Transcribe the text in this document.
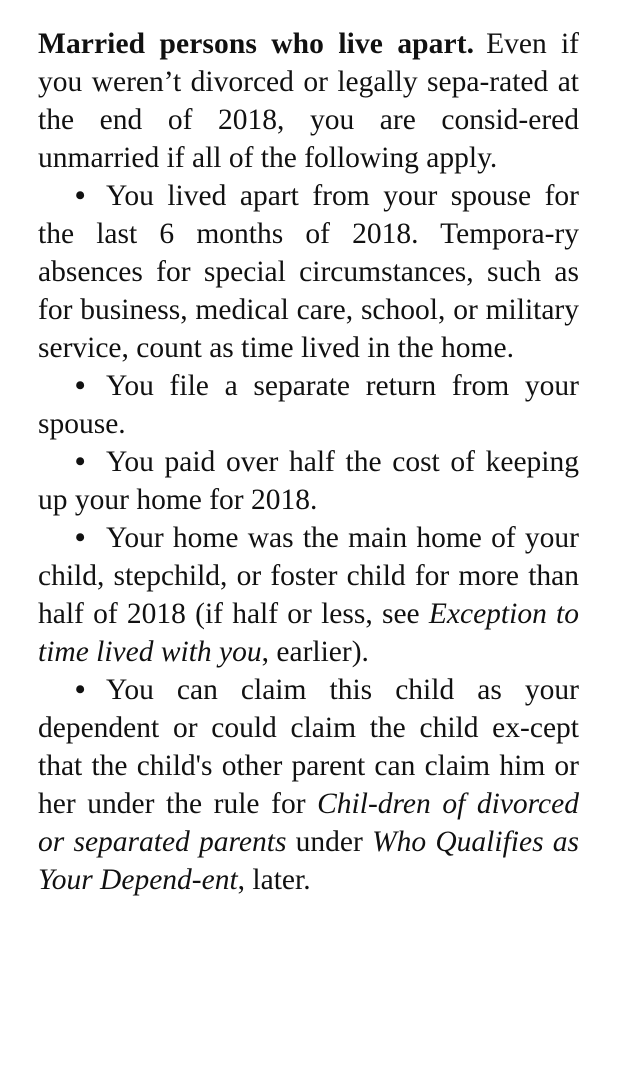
Married persons who live apart. Even if you weren’t divorced or legally sepa-rated at the end of 2018, you are consid-ered unmarried if all of the following apply.

• You lived apart from your spouse for the last 6 months of 2018. Tempora-ry absences for special circumstances, such as for business, medical care, school, or military service, count as time lived in the home.

• You file a separate return from your spouse.

• You paid over half the cost of keeping up your home for 2018.

• Your home was the main home of your child, stepchild, or foster child for more than half of 2018 (if half or less, see Exception to time lived with you, earlier).

• You can claim this child as your dependent or could claim the child ex-cept that the child's other parent can claim him or her under the rule for Chil-dren of divorced or separated parents under Who Qualifies as Your Depend-ent, later.
